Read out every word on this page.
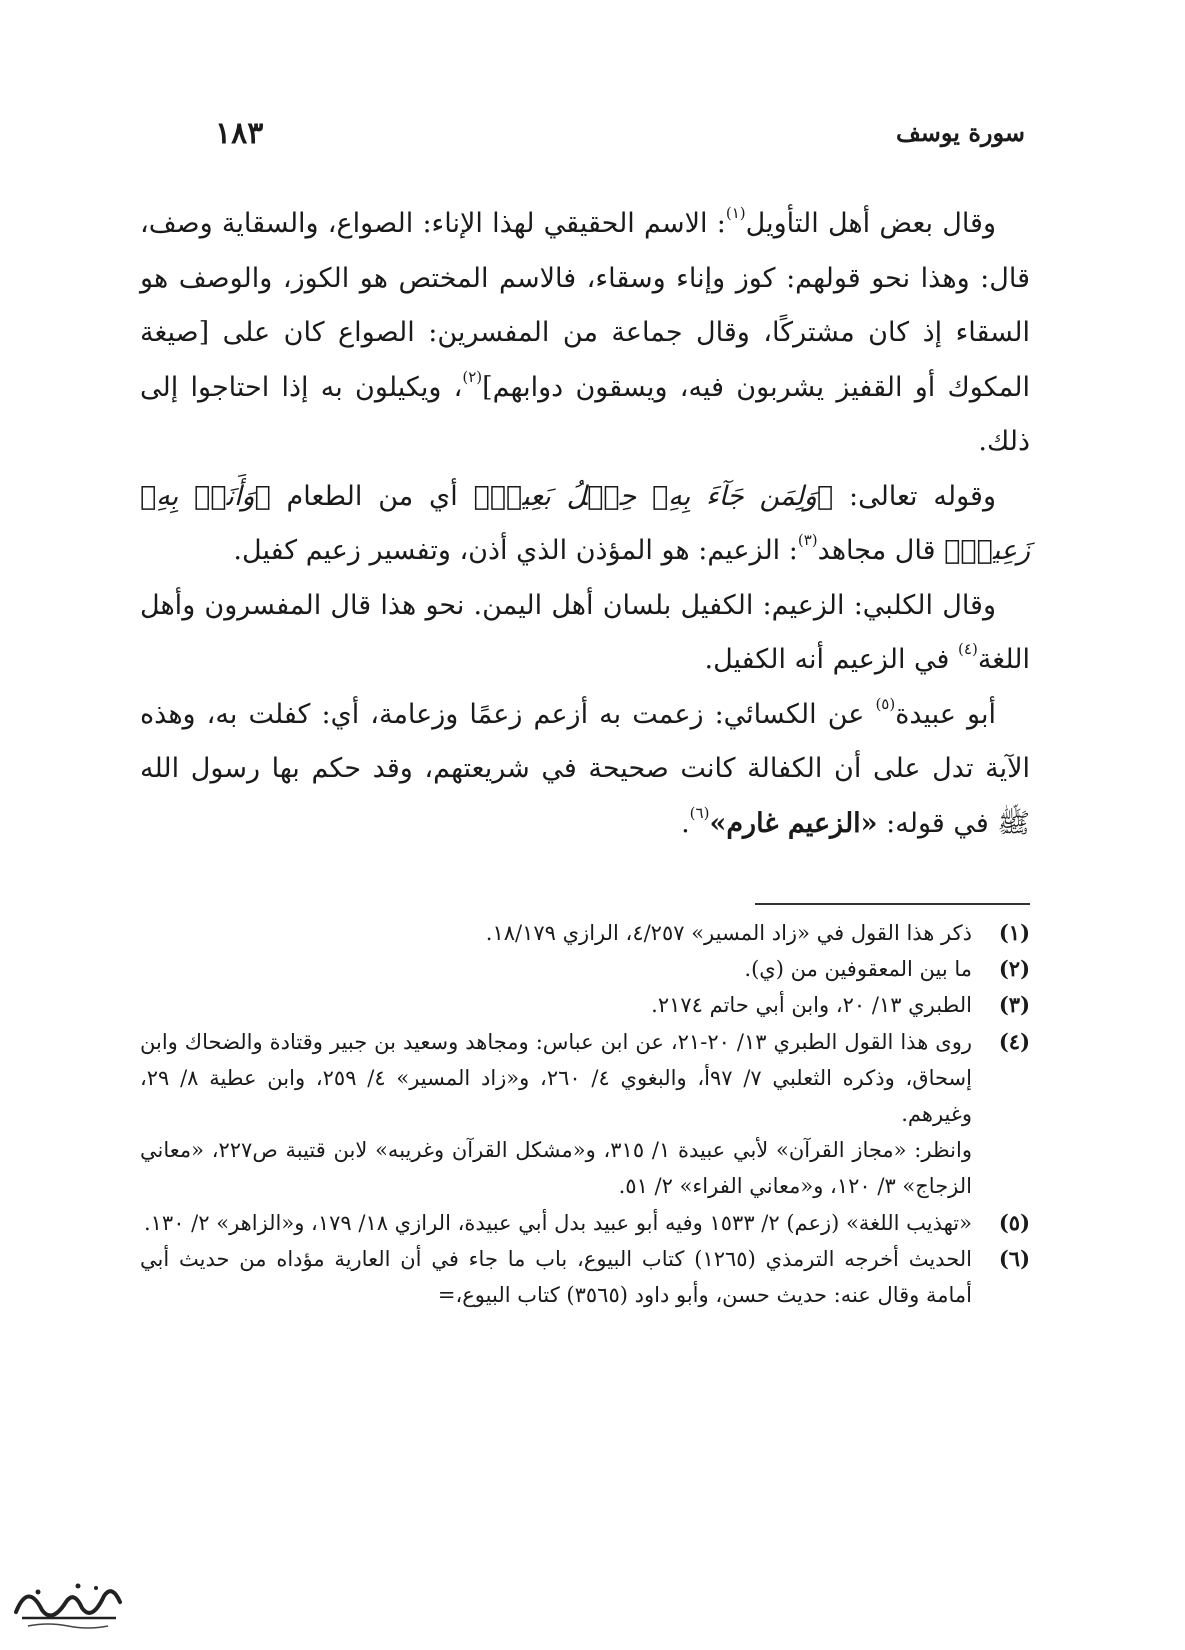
سورة يوسف
١٨٣

وقال بعض أهل التأويل$^{(١)}$: الاسم الحقيقي لهذا الإناء: الصواع، والسقاية وصف، قال: وهذا نحو قولهم: كوز وإناء وسقاء، فالاسم المختص هو الكوز، والوصف هو السقاء إذ كان مشتركًا، وقال جماعة من المفسرين: الصواع كان على [صيغة المكوك أو القفيز يشربون فيه، ويسقون دوابهم]$^{(٢)}$، ويكيلون به إذا احتاجوا إلى ذلك.

وقوله تعالى: ﴿وَلِمَن جَآءَ بِهِۦ حِمۡلُ بَعِيرٖ﴾ أي من الطعام ﴿وَأَنَا۠ بِهِۦ زَعِيمٞ﴾ قال مجاهد$^{(٣)}$: الزعيم: هو المؤذن الذي أذن، وتفسير زعيم كفيل.

وقال الكلبي: الزعيم: الكفيل بلسان أهل اليمن. نحو هذا قال المفسرون وأهل اللغة$^{(٤)}$ في الزعيم أنه الكفيل.

أبو عبيدة$^{(٥)}$ عن الكسائي: زعمت به أزعم زعمًا وزعامة، أي: كفلت به، وهذه الآية تدل على أن الكفالة كانت صحيحة في شريعتهم، وقد حكم بها رسول الله ﷺ في قوله: «الزعيم غارم»$^{(٦)}$.

(١)
ذكر هذا القول في «زاد المسير» ٤/٢٥٧، الرازي ١٨/١٧٩.
(٢)
ما بين المعقوفين من (ي).
(٣)
الطبري ١٣/ ٢٠، وابن أبي حاتم ٢١٧٤.
(٤)
روى هذا القول الطبري ١٣/ ٢٠-٢١، عن ابن عباس: ومجاهد وسعيد بن جبير وقتادة والضحاك وابن إسحاق، وذكره الثعلبي ٧/ ٩٧أ، والبغوي ٤/ ٢٦٠، و«زاد المسير» ٤/ ٢٥٩، وابن عطية ٨/ ٢٩، وغيرهم.
وانظر: «مجاز القرآن» لأبي عبيدة ١/ ٣١٥، و«مشكل القرآن وغريبه» لابن قتيبة ص٢٢٧، «معاني الزجاج» ٣/ ١٢٠، و«معاني الفراء» ٢/ ٥١.
(٥)
«تهذيب اللغة» (زعم) ٢/ ١٥٣٣ وفيه أبو عبيد بدل أبي عبيدة، الرازي ١٨/ ١٧٩، و«الزاهر» ٢/ ١٣٠.
(٦)
الحديث أخرجه الترمذي (١٢٦٥) كتاب البيوع، باب ما جاء في أن العارية مؤداه من حديث أبي أمامة وقال عنه: حديث حسن، وأبو داود (٣٥٦٥) كتاب البيوع،=
